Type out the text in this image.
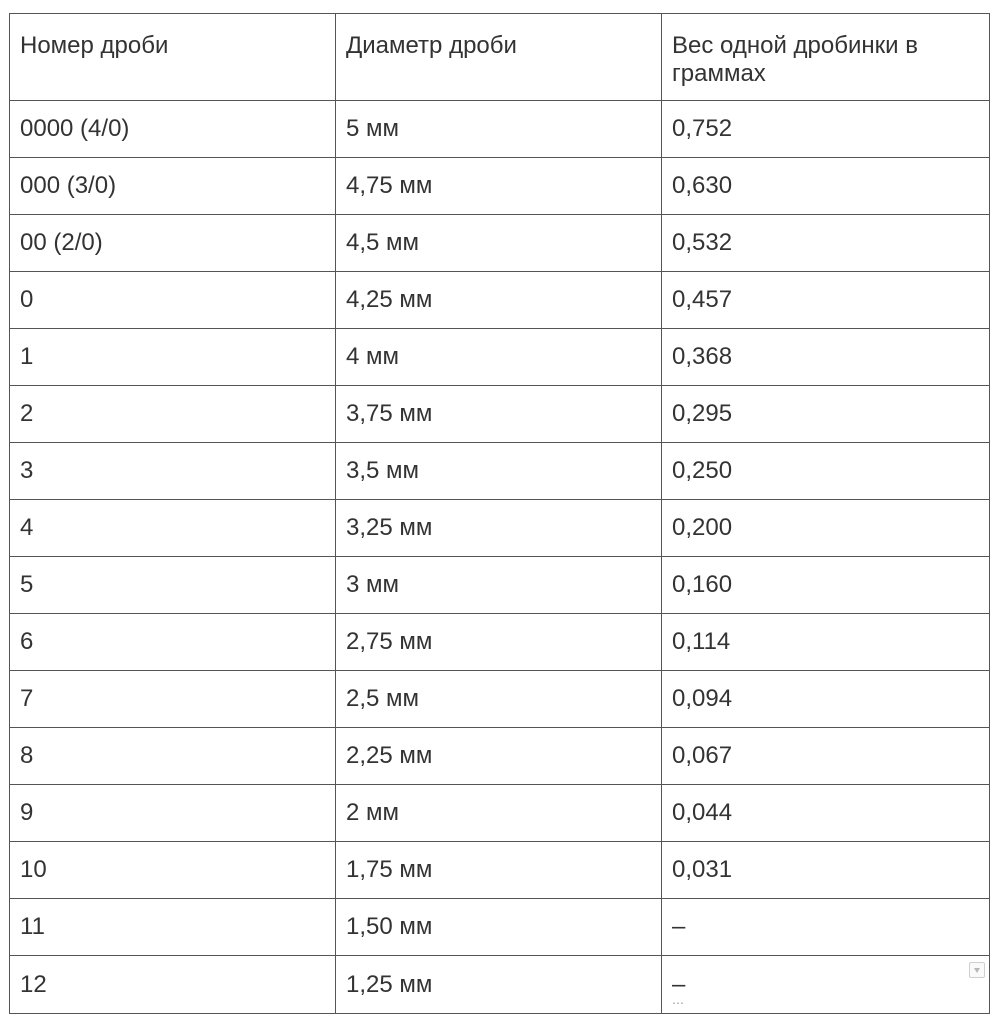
Номер дроби	Диаметр дроби	Вес одной дробинки в граммах
0000 (4/0)	5 мм	0,752
000 (3/0)	4,75 мм	0,630
00 (2/0)	4,5 мм	0,532
0	4,25 мм	0,457
1	4 мм	0,368
2	3,75 мм	0,295
3	3,5 мм	0,250
4	3,25 мм	0,200
5	3 мм	0,160
6	2,75 мм	0,114
7	2,5 мм	0,094
8	2,25 мм	0,067
9	2 мм	0,044
10	1,75 мм	0,031
11	1,50 мм	–
12	1,25 мм	–
⋯
